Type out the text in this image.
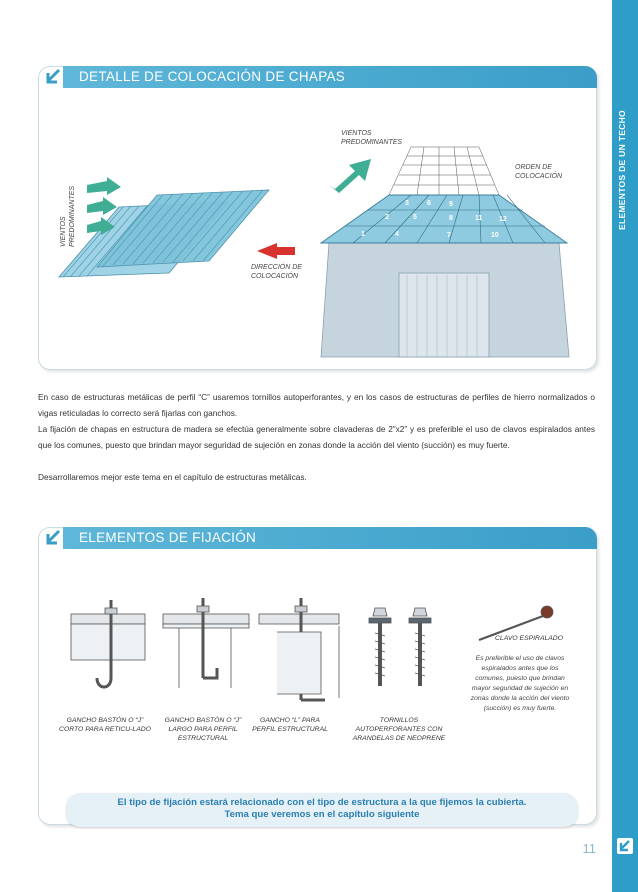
ELEMENTOS DE UN TECHO
11
DETALLE DE COLOCACIÓN DE CHAPAS
1
2
3
4
5
6
7
8
9
10
11 12
VIENTOS PREDOMINANTES
VIENTOS PREDOMINANTES
ORDEN DE COLOCACIÓN
DIRECCIÓN DE COLOCACIÓN

En caso de estructuras metálicas de perfil “C” usaremos tornillos autoperforantes, y en los casos de estructuras de perfiles de hierro normalizados o vigas reticuladas lo correcto será fijarlas con ganchos.

La fijación de chapas en estructura de madera se efectúa generalmente sobre clavaderas de 2”x2” y es preferible el uso de clavos espiralados antes que los comunes, puesto que brindan mayor seguridad de sujeción en zonas donde la acción del viento (succión) es muy fuerte.

Desarrollaremos mejor este tema en el capítulo de estructuras metálicas.

ELEMENTOS DE FIJACIÓN
GANCHO BASTÓN O “J” CORTO PARA RETICU-LADO
GANCHO BASTÓN O “J” LARGO PARA PERFIL ESTRUCTURAL
GANCHO “L” PARA PERFIL ESTRUCTURAL
TORNILLOS AUTOPERFORANTES CON ARANDELAS DE NEOPRENE
CLAVO ESPIRALADO
Es preferible el uso de clavos espiralados antes que los comunes, puesto que brindan mayor seguridad de sujeción en zonas donde la acción del viento (succión) es muy fuerte.
El tipo de fijación estará relacionado con el tipo de estructura a la que fijemos la cubierta.
Tema que veremos en el capítulo siguiente
